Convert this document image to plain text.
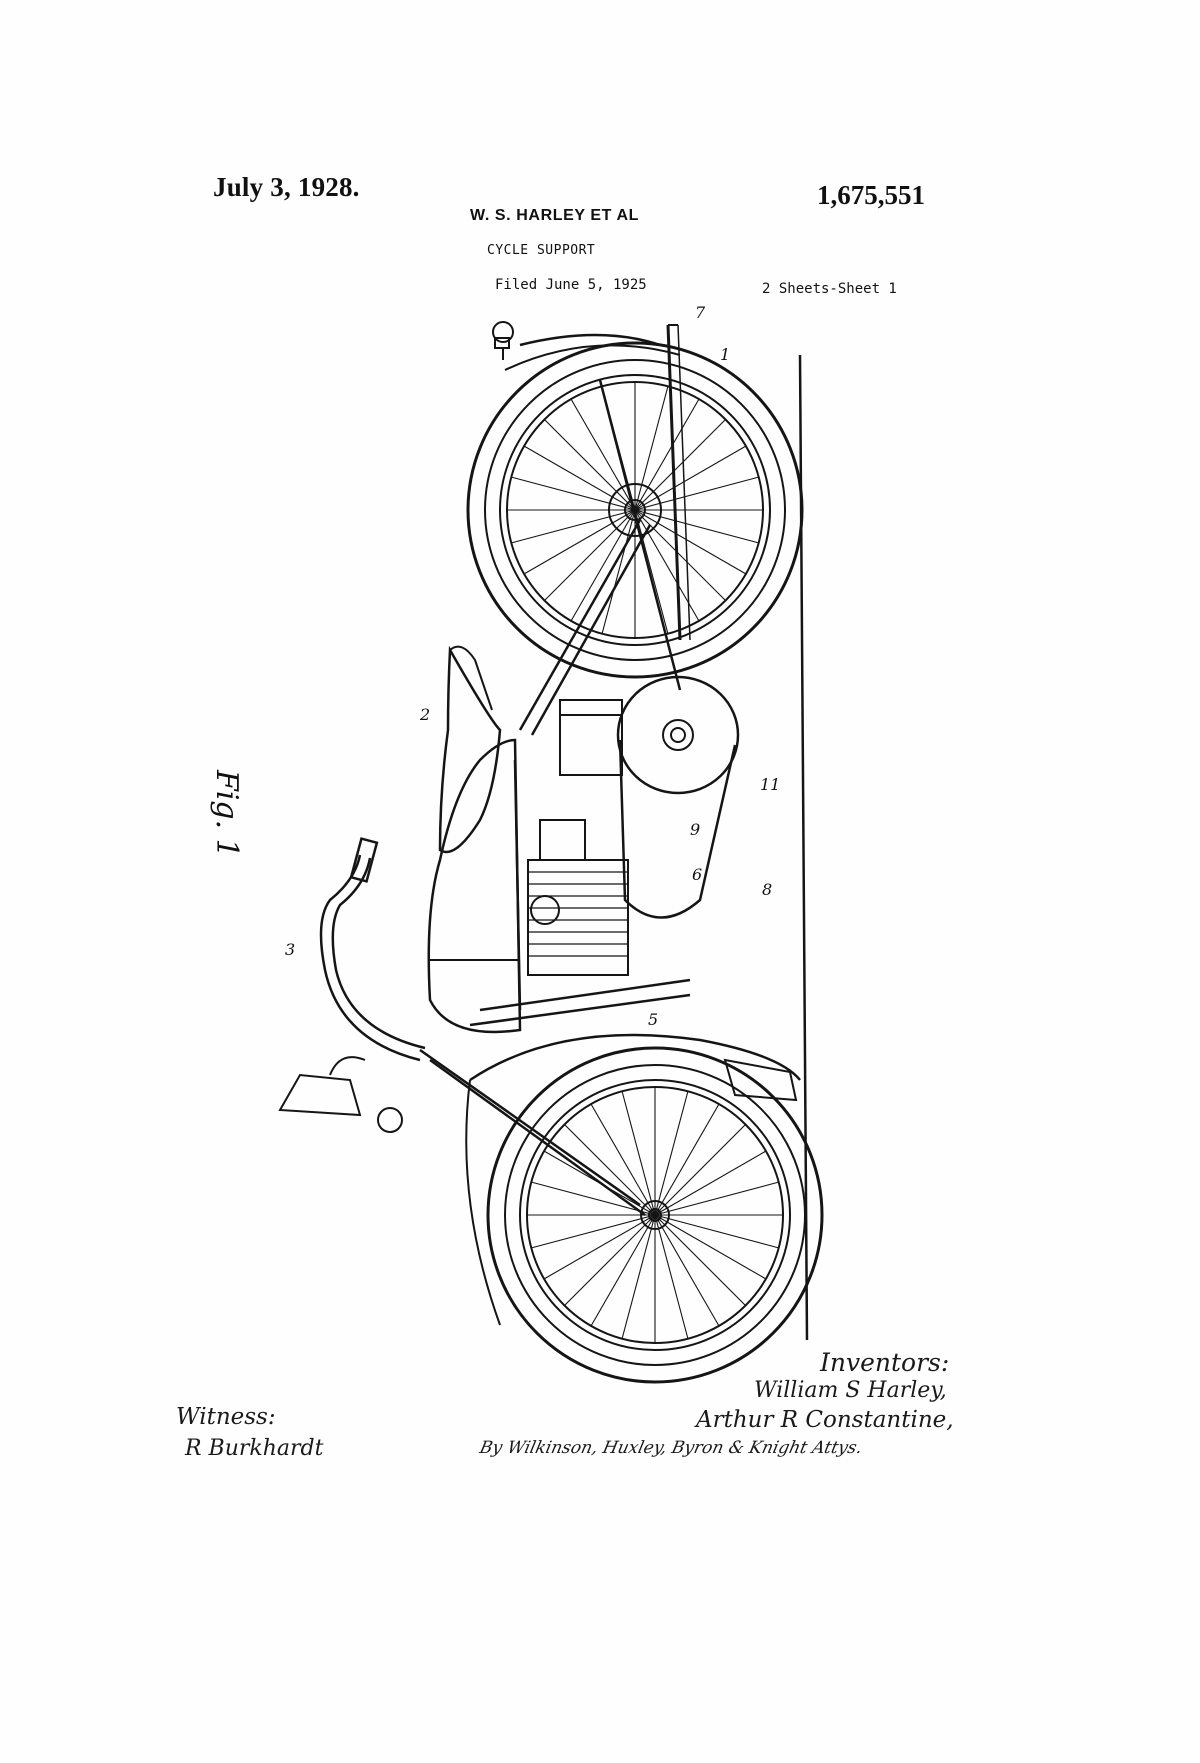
July 3, 1928.	1,675,551
W. S. HARLEY ET AL
CYCLE SUPPORT
Filed June 5, 1925	2 Sheets-Sheet 1
1
7
2
3
5
6
8
9
11
Fig. 1
Inventors:
William S Harley,
Arthur R Constantine,
By Wilkinson, Huxley, Byron & Knight Attys.
Witness:
R Burkhardt
